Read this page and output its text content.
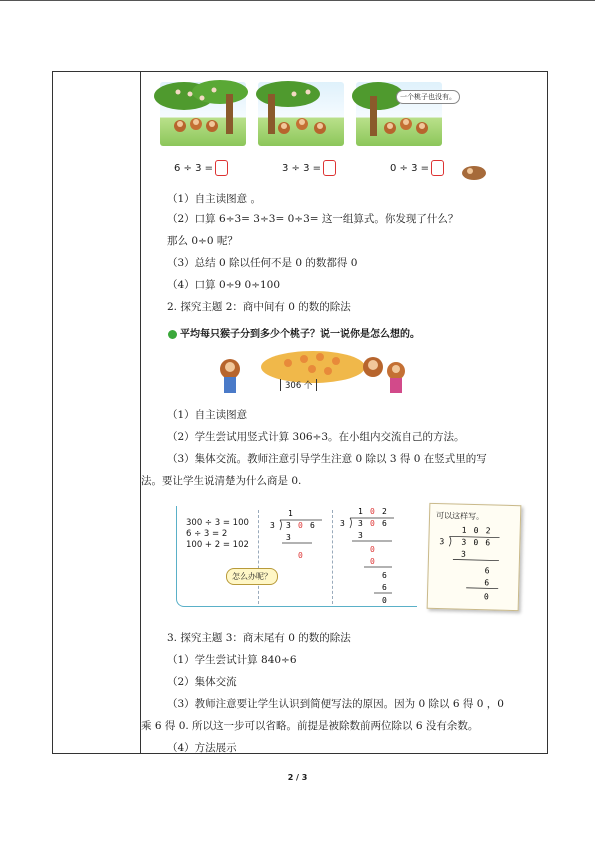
一个桃子也没有。
6 ÷ 3 =	3 ÷ 3 =	0 ÷ 3 =
（1）自主读图意 。
（2）口算 6÷3= 3÷3= 0÷3= 这一组算式。你发现了什么？
那么 0÷0 呢？
（3）总结 0 除以任何不是 0 的数都得 0
（4）口算 0÷9 0÷100
2. 探究主题 2：商中间有 0 的数的除法
平均每只猴子分到多少个桃子？说一说你是怎么想的。
306 个
（1）自主读图意
（2）学生尝试用竖式计算 306÷3。在小组内交流自己的方法。
（3）集体交流。教师注意引导学生注意 0 除以 3 得 0 在竖式里的写
法。要让学生说清楚为什么商是 0.
300 ÷ 3 = 100
6 ÷ 3 = 2
100 + 2 = 102
1
3 3 0 6
3
0
怎么办呢？
1 0 2
3 3 0 6
3
0
0
6
6
0
可以这样写。
1 0 2
3 3 0 6
3
6
6
0
3. 探究主题 3：商末尾有 0 的数的除法
（1）学生尝试计算 840÷6
（2）集体交流
（3）教师注意要让学生认识到简便写法的原因。因为 0 除以 6 得 0 ，0
乘 6 得 0. 所以这一步可以省略。前提是被除数前两位除以 6 没有余数。
（4）方法展示
2 / 3
